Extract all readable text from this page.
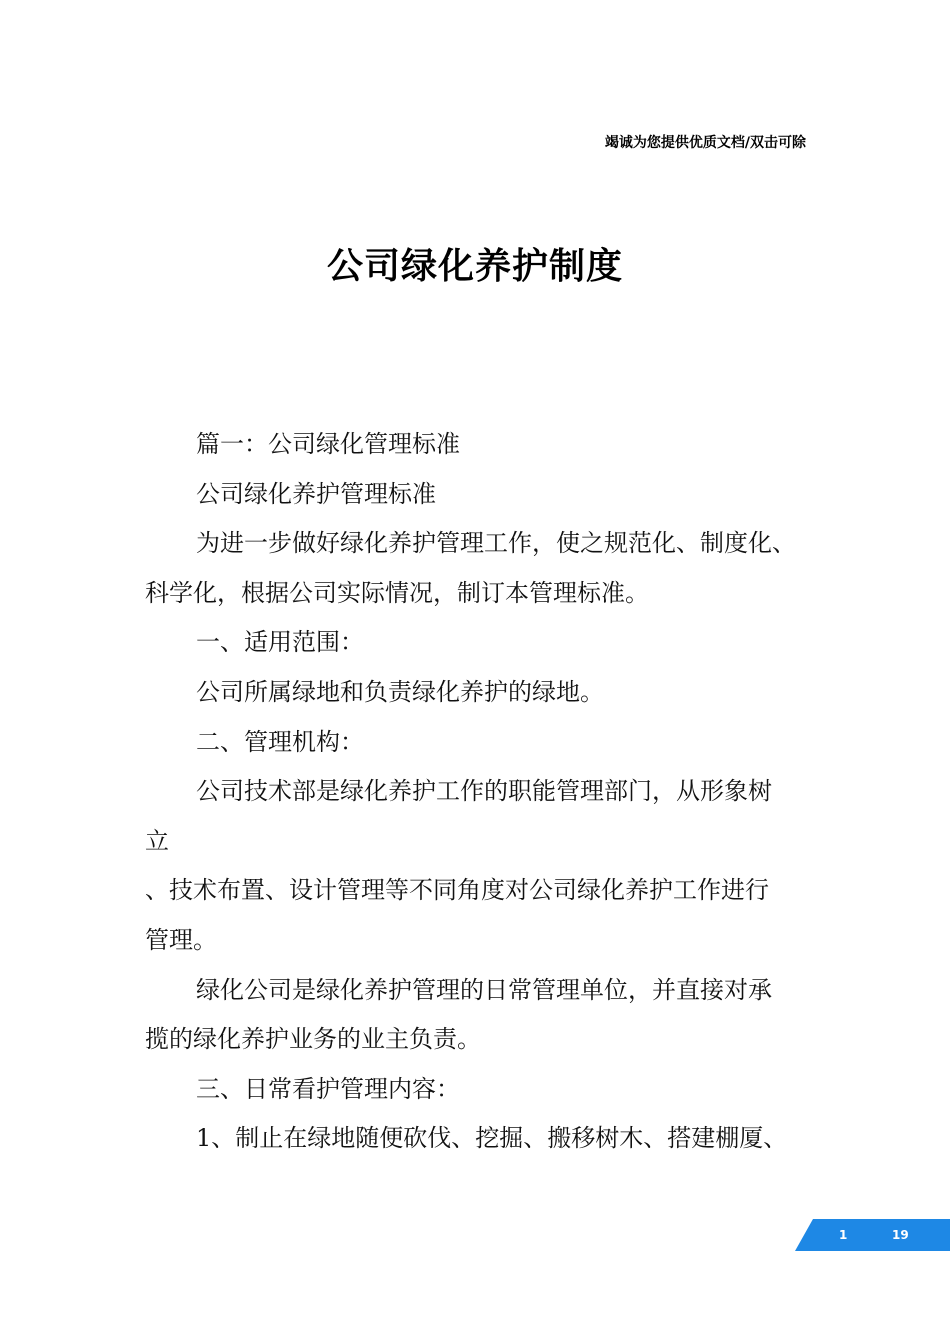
竭诚为您提供优质文档/双击可除
公司绿化养护制度
篇一：公司绿化管理标准
公司绿化养护管理标准
为进一步做好绿化养护管理工作，使之规范化、制度化、
科学化，根据公司实际情况，制订本管理标准。
一、适用范围：
公司所属绿地和负责绿化养护的绿地。
二、管理机构：
公司技术部是绿化养护工作的职能管理部门，从形象树
立
、技术布置、设计管理等不同角度对公司绿化养护工作进行
管理。
绿化公司是绿化养护管理的日常管理单位，并直接对承
揽的绿化养护业务的业主负责。
三、日常看护管理内容：
1、制止在绿地随便砍伐、挖掘、搬移树木、搭建棚厦、
1	19
